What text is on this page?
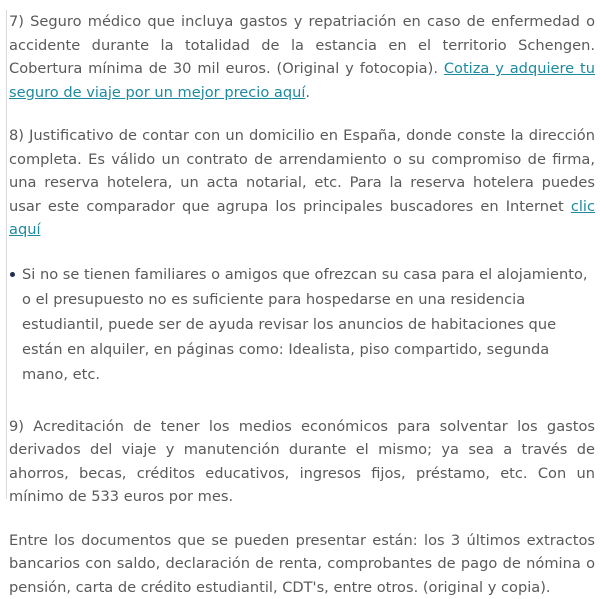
7) Seguro médico que incluya gastos y repatriación en caso de enfermedad o accidente durante la totalidad de la estancia en el territorio Schengen. Cobertura mínima de 30 mil euros. (Original y fotocopia). Cotiza y adquiere tu seguro de viaje por un mejor precio aquí.

8) Justificativo de contar con un domicilio en España, donde conste la dirección completa. Es válido un contrato de arrendamiento o su compromiso de firma, una reserva hotelera, un acta notarial, etc. Para la reserva hotelera puedes usar este comparador que agrupa los principales buscadores en Internet clic aquí

Si no se tienen familiares o amigos que ofrezcan su casa para el alojamiento, o el presupuesto no es suficiente para hospedarse en una residencia estudiantil, puede ser de ayuda revisar los anuncios de habitaciones que están en alquiler, en páginas como: Idealista, piso compartido, segunda mano, etc.

9) Acreditación de tener los medios económicos para solventar los gastos derivados del viaje y manutención durante el mismo; ya sea a través de ahorros, becas, créditos educativos, ingresos fijos, préstamo, etc. Con un mínimo de 533 euros por mes.

Entre los documentos que se pueden presentar están: los 3 últimos extractos bancarios con saldo, declaración de renta, comprobantes de pago de nómina o pensión, carta de crédito estudiantil, CDT's, entre otros. (original y copia).
